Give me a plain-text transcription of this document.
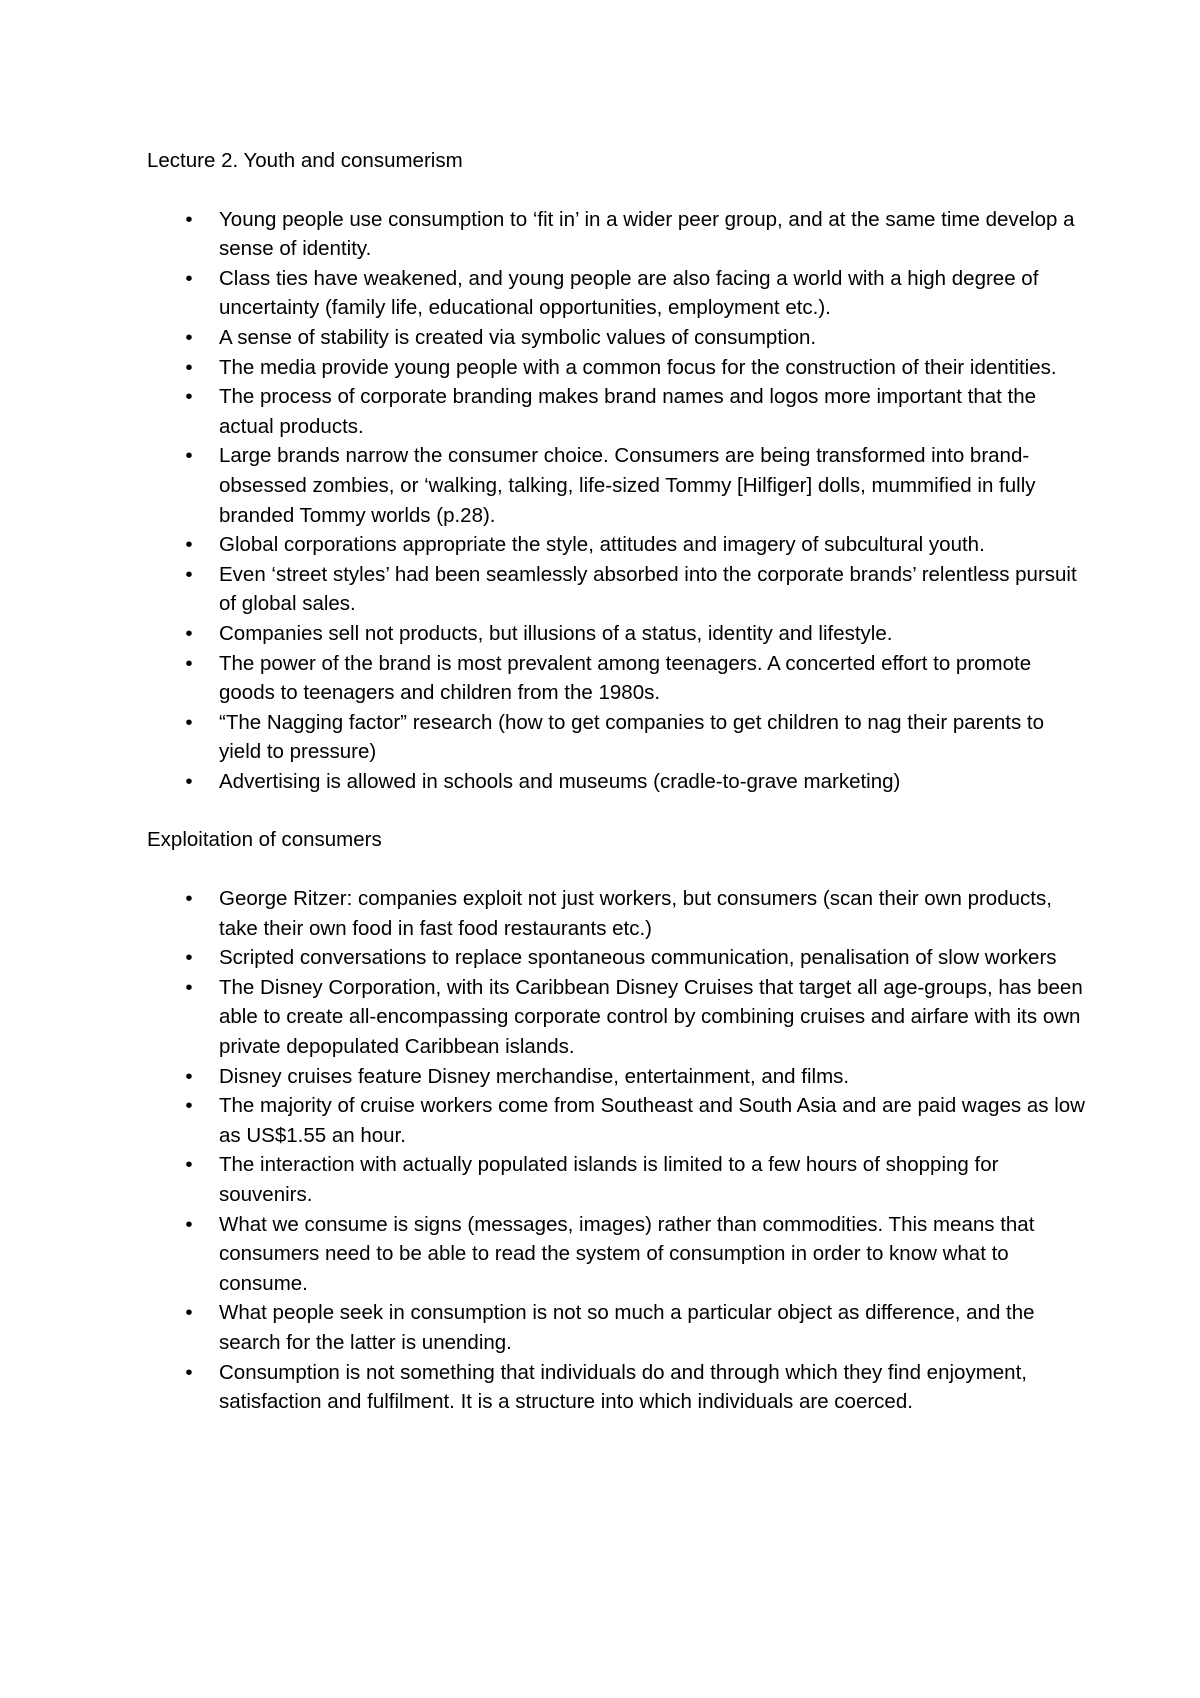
Lecture 2. Youth and consumerism

• Young people use consumption to ‘fit in’ in a wider peer group, and at the same time develop a sense of identity.
• Class ties have weakened, and young people are also facing a world with a high degree of uncertainty (family life, educational opportunities, employment etc.).
• A sense of stability is created via symbolic values of consumption.
• The media provide young people with a common focus for the construction of their identities.
• The process of corporate branding makes brand names and logos more important that the actual products.
• Large brands narrow the consumer choice. Consumers are being transformed into brand-obsessed zombies, or ‘walking, talking, life-sized Tommy [Hilfiger] dolls, mummified in fully branded Tommy worlds (p.28).
• Global corporations appropriate the style, attitudes and imagery of subcultural youth.
• Even ‘street styles’ had been seamlessly absorbed into the corporate brands’ relentless pursuit of global sales.
• Companies sell not products, but illusions of a status, identity and lifestyle.
• The power of the brand is most prevalent among teenagers. A concerted effort to promote goods to teenagers and children from the 1980s.
• “The Nagging factor” research (how to get companies to get children to nag their parents to yield to pressure)
• Advertising is allowed in schools and museums (cradle-to-grave marketing)

Exploitation of consumers

• George Ritzer: companies exploit not just workers, but consumers (scan their own products, take their own food in fast food restaurants etc.)
• Scripted conversations to replace spontaneous communication, penalisation of slow workers
• The Disney Corporation, with its Caribbean Disney Cruises that target all age-groups, has been able to create all-encompassing corporate control by combining cruises and airfare with its own private depopulated Caribbean islands.
• Disney cruises feature Disney merchandise, entertainment, and films.
• The majority of cruise workers come from Southeast and South Asia and are paid wages as low as US$1.55 an hour.
• The interaction with actually populated islands is limited to a few hours of shopping for souvenirs.
• What we consume is signs (messages, images) rather than commodities. This means that consumers need to be able to read the system of consumption in order to know what to consume.
• What people seek in consumption is not so much a particular object as difference, and the search for the latter is unending.
• Consumption is not something that individuals do and through which they find enjoyment, satisfaction and fulfilment. It is a structure into which individuals are coerced.
